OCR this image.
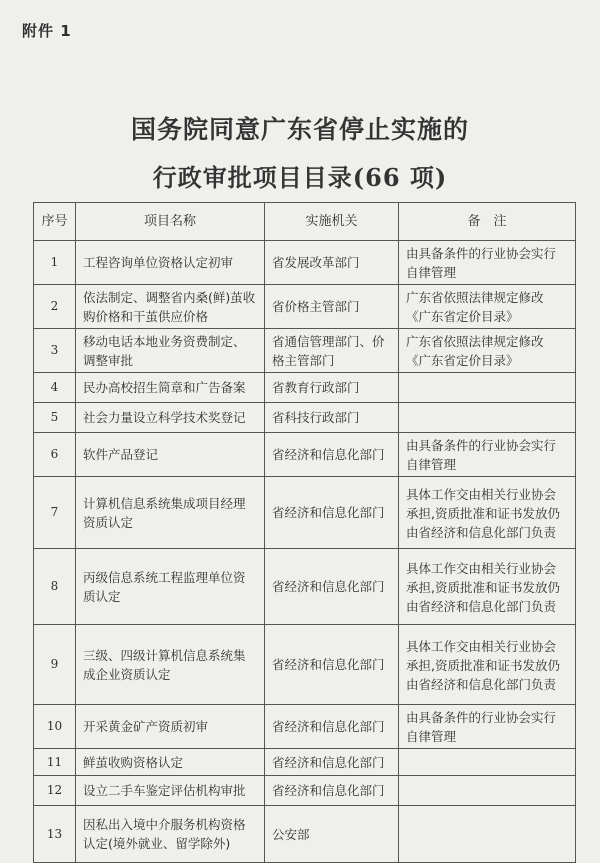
附件 1
国务院同意广东省停止实施的
行政审批项目目录(66 项)
序号	项目名称	实施机关	备　注
1	工程咨询单位资格认定初审	省发展改革部门	由具备条件的行业协会实行自律管理
2	依法制定、调整省内桑(鲜)茧收购价格和干茧供应价格	省价格主管部门	广东省依照法律规定修改《广东省定价目录》
3	移动电话本地业务资费制定、调整审批	省通信管理部门、价格主管部门	广东省依照法律规定修改《广东省定价目录》
4	民办高校招生简章和广告备案	省教育行政部门	
5	社会力量设立科学技术奖登记	省科技行政部门	
6	软件产品登记	省经济和信息化部门	由具备条件的行业协会实行自律管理
7	计算机信息系统集成项目经理资质认定	省经济和信息化部门	具体工作交由相关行业协会承担,资质批准和证书发放仍由省经济和信息化部门负责
8	丙级信息系统工程监理单位资质认定	省经济和信息化部门	具体工作交由相关行业协会承担,资质批准和证书发放仍由省经济和信息化部门负责
9	三级、四级计算机信息系统集成企业资质认定	省经济和信息化部门	具体工作交由相关行业协会承担,资质批准和证书发放仍由省经济和信息化部门负责
10	开采黄金矿产资质初审	省经济和信息化部门	由具备条件的行业协会实行自律管理
11	鲜茧收购资格认定	省经济和信息化部门	
12	设立二手车鉴定评估机构审批	省经济和信息化部门	
13	因私出入境中介服务机构资格认定(境外就业、留学除外)	公安部	
